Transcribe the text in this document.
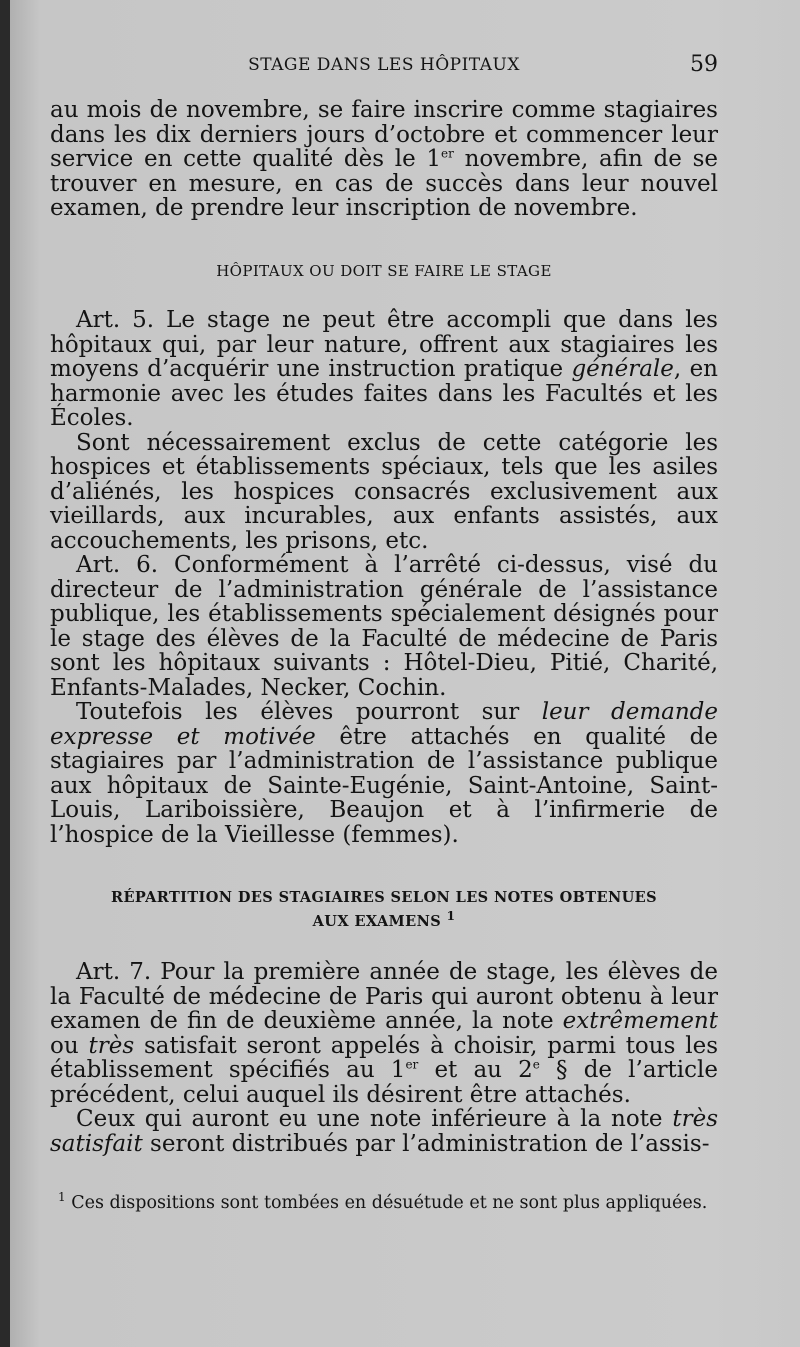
STAGE DANS LES HÔPITAUX	59

au mois de novembre, se faire inscrire comme stagiaires dans les dix derniers jours d’octobre et commencer leur service en cette qualité dès le 1er novembre, afin de se trouver en mesure, en cas de succès dans leur nouvel examen, de prendre leur inscription de novembre.

HÔPITAUX OU DOIT SE FAIRE LE STAGE

Art. 5. Le stage ne peut être accompli que dans les hôpitaux qui, par leur nature, offrent aux stagiaires les moyens d’acquérir une instruction pratique générale, en harmonie avec les études faites dans les Facultés et les Écoles.

Sont nécessairement exclus de cette catégorie les hospices et établissements spéciaux, tels que les asiles d’aliénés, les hospices consacrés exclusivement aux vieillards, aux incurables, aux enfants assistés, aux accouchements, les prisons, etc.

Art. 6. Conformément à l’arrêté ci-dessus, visé du directeur de l’administration générale de l’assistance publique, les établissements spécialement désignés pour le stage des élèves de la Faculté de médecine de Paris sont les hôpitaux suivants : Hôtel-Dieu, Pitié, Charité, Enfants-Malades, Necker, Cochin.

Toutefois les élèves pourront sur leur demande expresse et motivée être attachés en qualité de stagiaires par l’administration de l’assistance publique aux hôpitaux de Sainte-Eugénie, Saint-Antoine, Saint-Louis, Lariboissière, Beaujon et à l’infirmerie de l’hospice de la Vieillesse (femmes).

RÉPARTITION DES STAGIAIRES SELON LES NOTES OBTENUES
AUX EXAMENS $^1$

Art. 7. Pour la première année de stage, les élèves de la Faculté de médecine de Paris qui auront obtenu à leur examen de fin de deuxième année, la note extrêmement ou très satisfait seront appelés à choisir, parmi tous les établissement spécifiés au 1er et au 2e § de l’article précédent, celui auquel ils désirent être attachés.

Ceux qui auront eu une note inférieure à la note très satisfait seront distribués par l’administration de l’assis-

$^1$ Ces dispositions sont tombées en désuétude et ne sont plus appliquées.
